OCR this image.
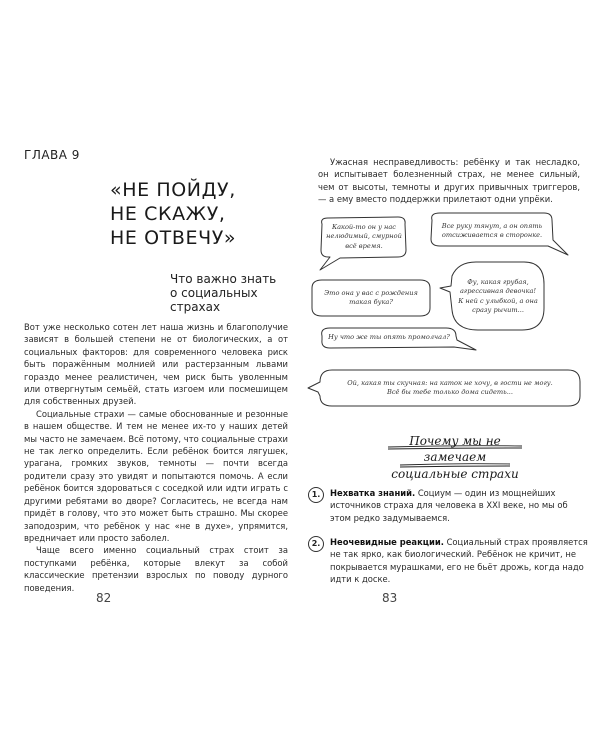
ГЛАВА 9
«НЕ ПОЙДУ,
НЕ СКАЖУ,
НЕ ОТВЕЧУ»
Что важно знать
о социальных
страхах

Вот уже несколько сотен лет наша жизнь и благополучие зависят в большей степени не от биологических, а от социальных факторов: для современного человека риск быть поражённым молнией или растерзанным львами гораздо менее реалистичен, чем риск быть уволенным или отвергнутым семьёй, стать изгоем или посмешищем для собственных друзей.

Социальные страхи — самые обоснованные и резонные в нашем обществе. И тем не менее их-то у наших детей мы часто не замечаем. Всё потому, что социальные страхи не так легко определить. Если ребёнок боится лягушек, урагана, громких звуков, темноты — почти всегда родители сразу это увидят и попытаются помочь. А если ребёнок боится здороваться с соседкой или идти играть с другими ребятами во дворе? Согласитесь, не всегда нам придёт в голову, что это может быть страшно. Мы скорее заподозрим, что ребёнок у нас «не в духе», упрямится, вредничает или просто заболел.

Чаще всего именно социальный страх стоит за поступками ребёнка, которые влекут за собой классические претензии взрослых по поводу дурного поведения.

82

Ужасная несправедливость: ребёнку и так несладко, он испытывает болезненный страх, не менее сильный, чем от высоты, темноты и других привычных триггеров, — а ему вместо поддержки прилетают одни упрёки.

Какой-то он у нас
нелюдимый, смурной
всё время.
Все руку тянут, а он опять
отсиживается в сторонке.
Это она у вас с рождения
такая бука?
Фу, какая грубая,
агрессивная девочка!
К ней с улыбкой, а она
сразу рычит...
Ну что же ты опять промолчал?
Ой, какая ты скучная: на каток не хочу, в гости не могу.
Всё бы тебе только дома сидеть...
Почему мы не замечаем
социальные страхи
1.	Нехватка знаний. Социум — один из мощнейших источников страха для человека в XXI веке, но мы об этом редко задумываемся.
2.	Неочевидные реакции. Социальный страх проявляется не так ярко, как биологический. Ребёнок не кричит, не покрывается мурашками, его не бьёт дрожь, когда надо идти к доске.
83
